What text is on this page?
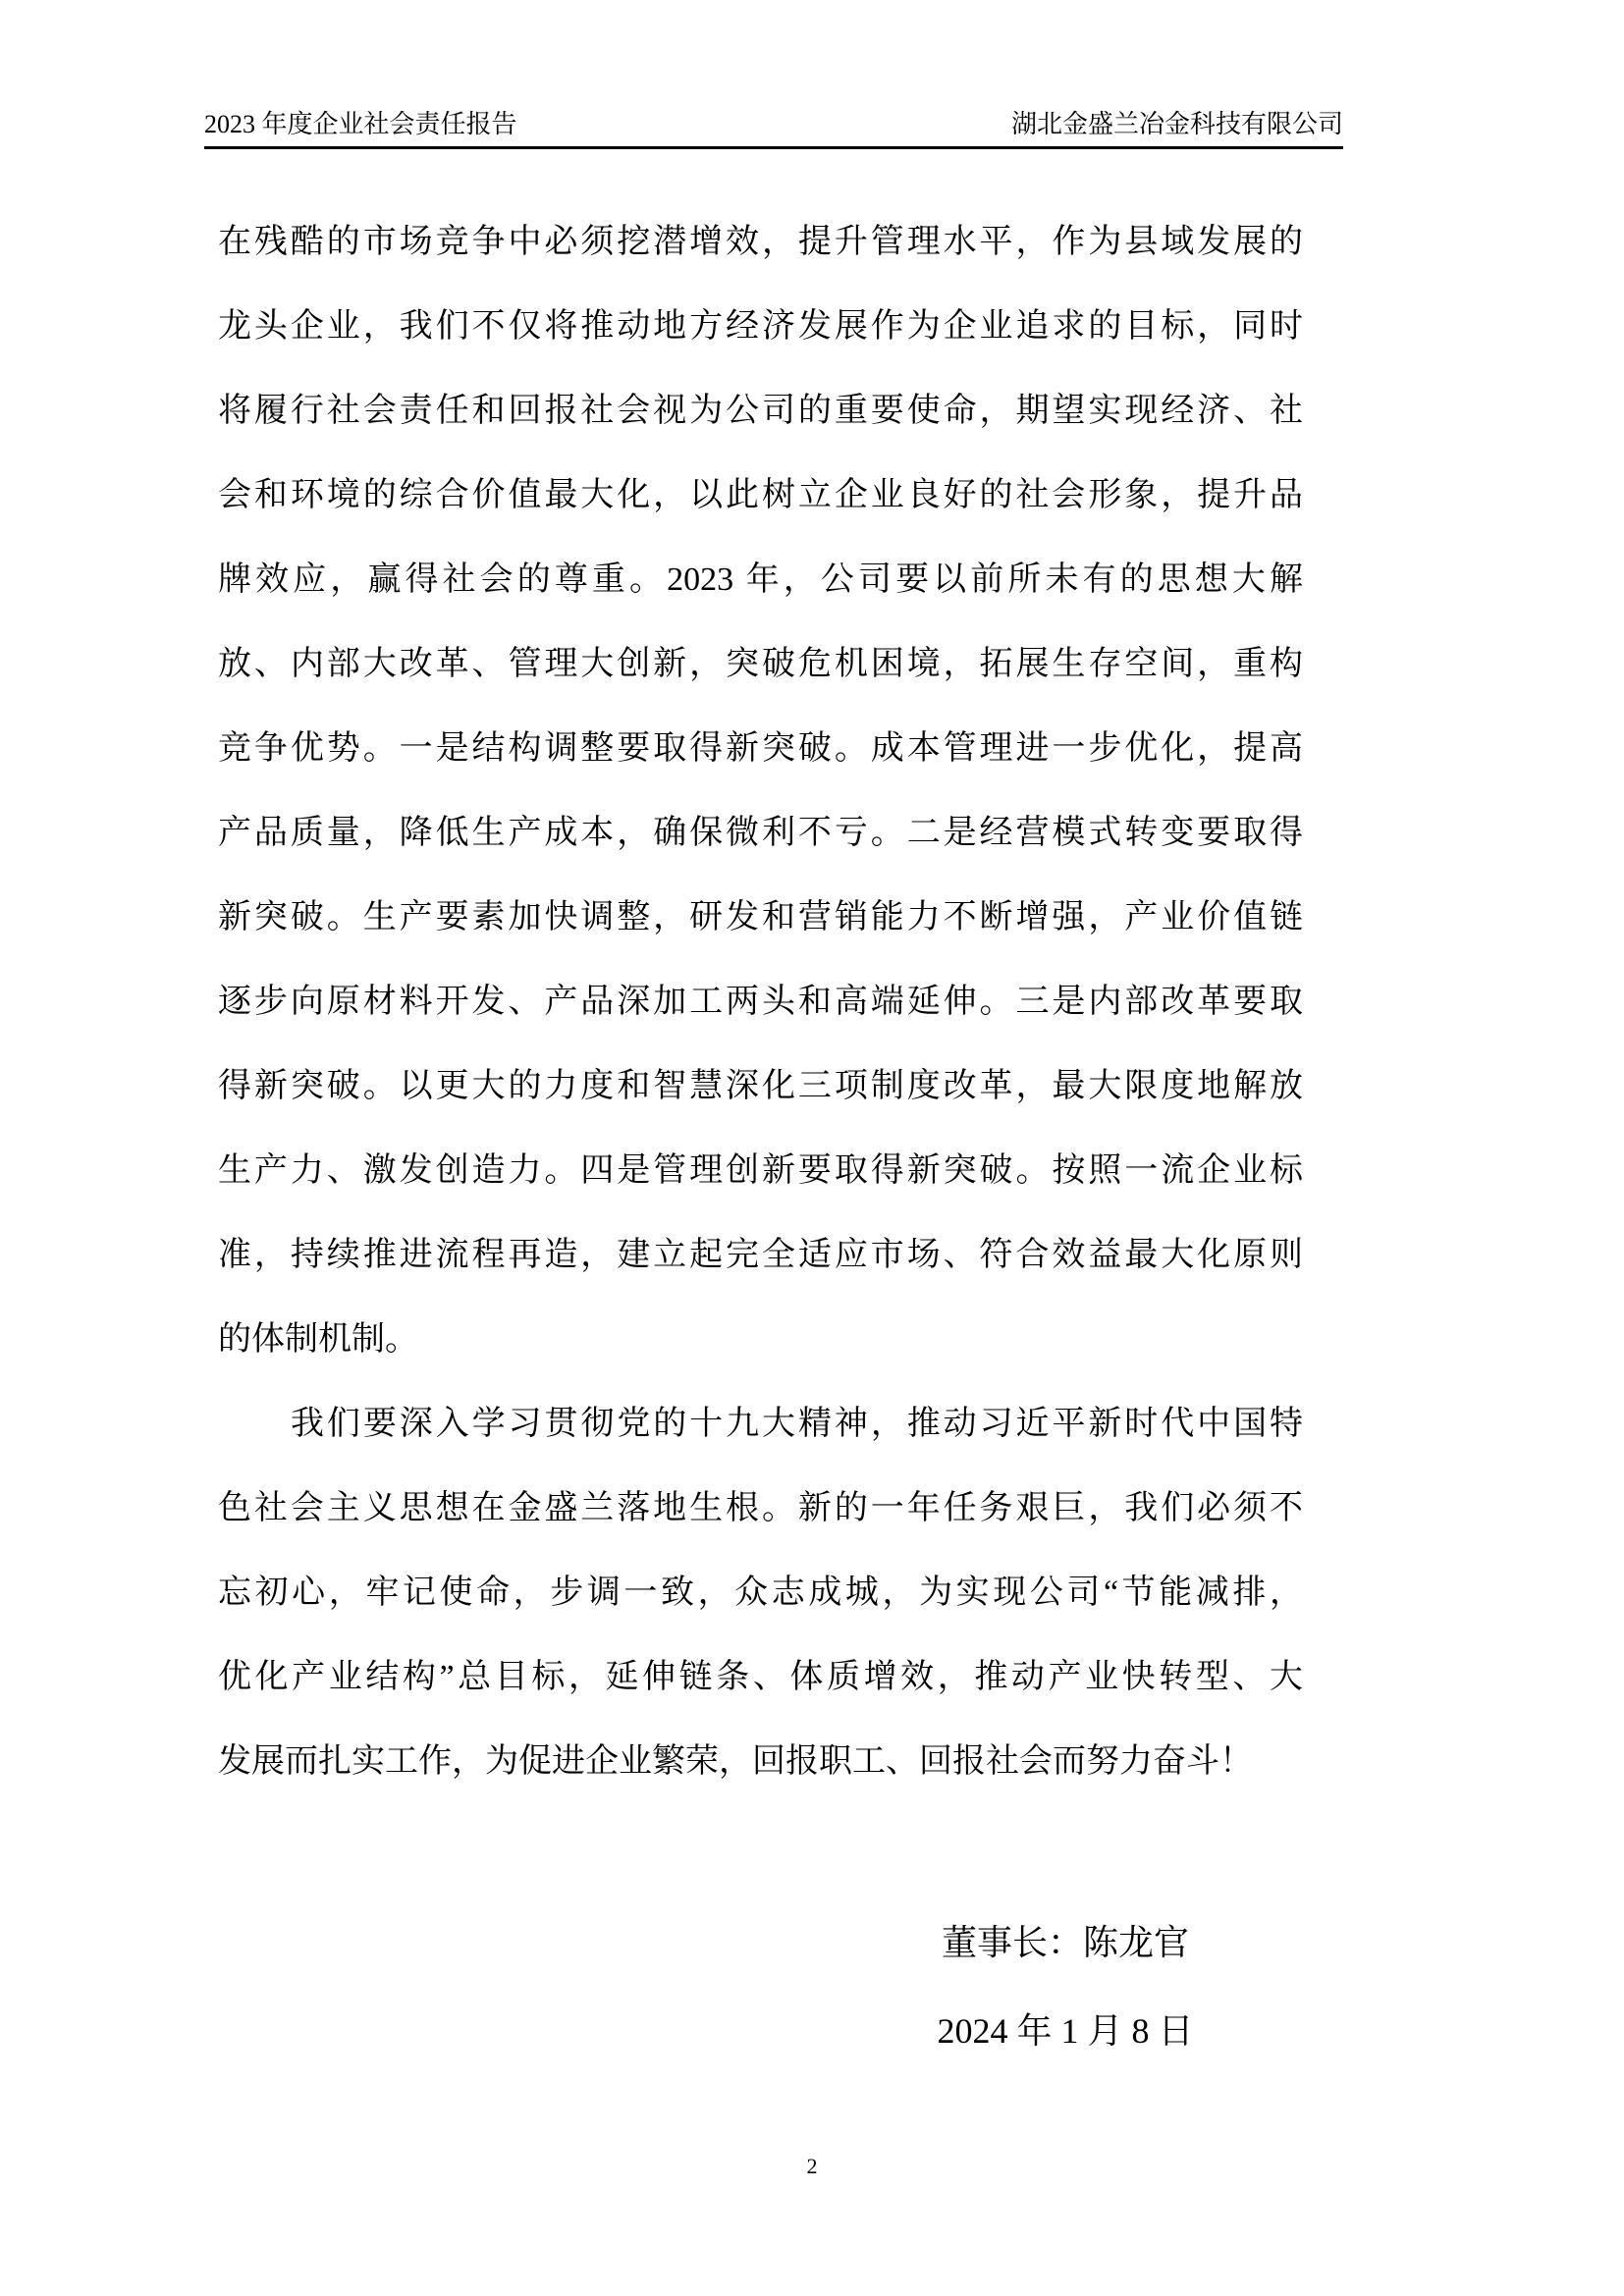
2023 年度企业社会责任报告	湖北金盛兰冶金科技有限公司
在残酷的市场竞争中必须挖潜增效，提升管理水平，作为县域发展的
龙头企业，我们不仅将推动地方经济发展作为企业追求的目标，同时
将履行社会责任和回报社会视为公司的重要使命，期望实现经济、社
会和环境的综合价值最大化，以此树立企业良好的社会形象，提升品
牌效应，赢得社会的尊重。2023 年，公司要以前所未有的思想大解
放、内部大改革、管理大创新，突破危机困境，拓展生存空间，重构
竞争优势。一是结构调整要取得新突破。成本管理进一步优化，提高
产品质量，降低生产成本，确保微利不亏。二是经营模式转变要取得
新突破。生产要素加快调整，研发和营销能力不断增强，产业价值链
逐步向原材料开发、产品深加工两头和高端延伸。三是内部改革要取
得新突破。以更大的力度和智慧深化三项制度改革，最大限度地解放
生产力、激发创造力。四是管理创新要取得新突破。按照一流企业标
准，持续推进流程再造，建立起完全适应市场、符合效益最大化原则
的体制机制。
我们要深入学习贯彻党的十九大精神，推动习近平新时代中国特
色社会主义思想在金盛兰落地生根。新的一年任务艰巨，我们必须不
忘初心，牢记使命，步调一致，众志成城，为实现公司“节能减排，
优化产业结构”总目标，延伸链条、体质增效，推动产业快转型、大
发展而扎实工作，为促进企业繁荣，回报职工、回报社会而努力奋斗！
董事长：陈龙官
2024 年 1 月 8 日
2
